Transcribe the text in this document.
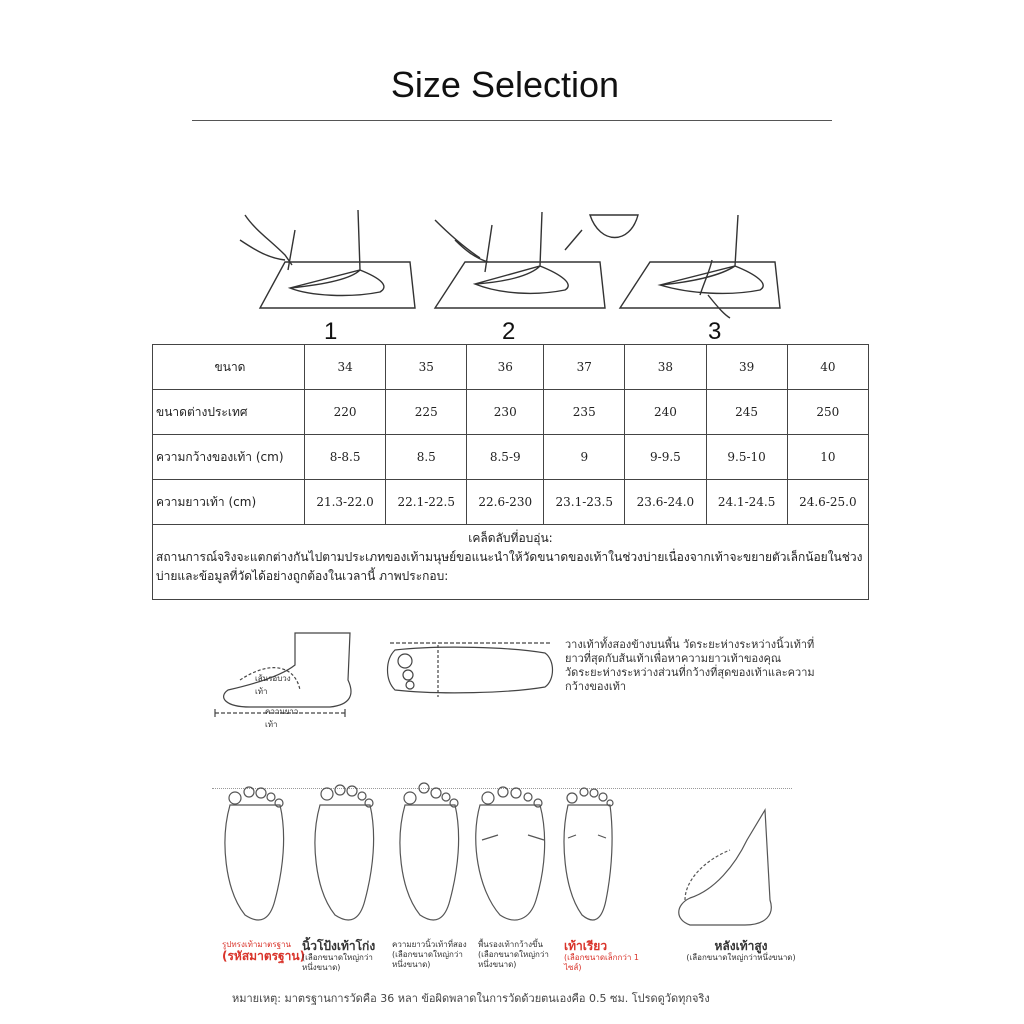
Size Selection
1	2	3
ขนาด	34	35	36	37	38	39	40
ขนาดต่างประเทศ	220	225	230	235	240	245	250
ความกว้างของเท้า (cm)	8-8.5	8.5	8.5-9	9	9-9.5	9.5-10	10
ความยาวเท้า (cm)	21.3-22.0	22.1-22.5	22.6-230	23.1-23.5	23.6-24.0	24.1-24.5	24.6-25.0

เคล็ดลับที่อบอุ่น:
สถานการณ์จริงจะแตกต่างกันไปตามประเภทของเท้ามนุษย์ขอแนะนำให้วัดขนาดของเท้าในช่วงบ่ายเนื่องจากเท้าจะขยายตัวเล็กน้อยในช่วงบ่ายและข้อมูลที่วัดได้อย่างถูกต้องในเวลานี้ ภาพประกอบ:							
เส้นรอบวงเท้า
ความยาวเท้า
วางเท้าทั้งสองข้างบนพื้น วัดระยะห่างระหว่างนิ้วเท้าที่ยาวที่สุดกับส้นเท้าเพื่อหาความยาวเท้าของคุณ
วัดระยะห่างระหว่างส่วนที่กว้างที่สุดของเท้าและความกว้างของเท้า
รูปทรงเท้ามาตรฐาน
(รหัสมาตรฐาน)
นิ้วโป้งเท้าโก่ง
(เลือกขนาดใหญ่กว่าหนึ่งขนาด)
ความยาวนิ้วเท้าที่สอง
(เลือกขนาดใหญ่กว่าหนึ่งขนาด)
พื้นรองเท้ากว้างขึ้น
(เลือกขนาดใหญ่กว่าหนึ่งขนาด)
เท้าเรียว
(เลือกขนาดเล็กกว่า 1 ไซส์)
หลังเท้าสูง
(เลือกขนาดใหญ่กว่าหนึ่งขนาด)
หมายเหตุ: มาตรฐานการวัดคือ 36 หลา ข้อผิดพลาดในการวัดด้วยตนเองคือ 0.5 ซม. โปรดดูวัดทุกจริง
